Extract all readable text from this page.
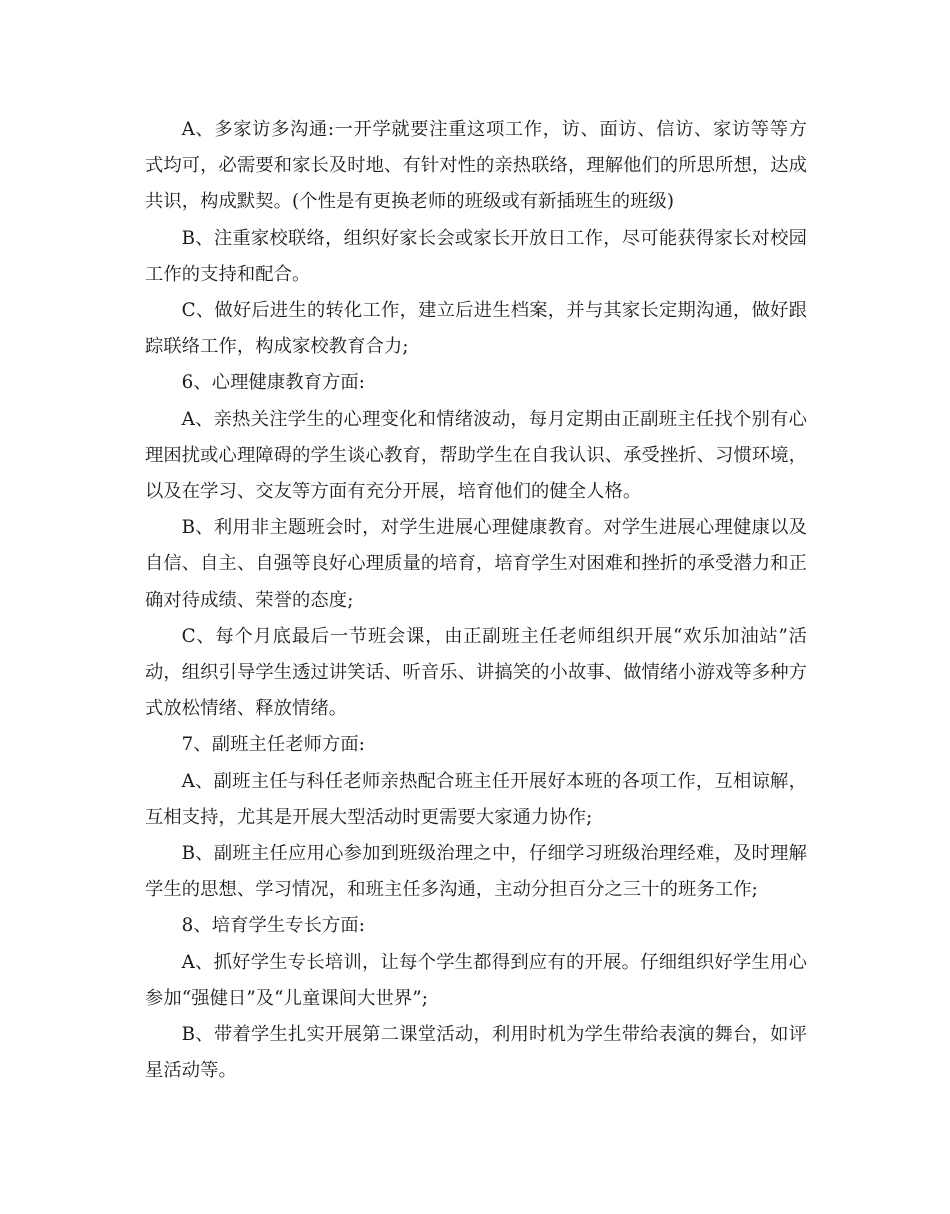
A、多家访多沟通:一开学就要注重这项工作，访、面访、信访、家访等等方式均可，必需要和家长及时地、有针对性的亲热联络，理解他们的所思所想，达成共识，构成默契。(个性是有更换老师的班级或有新插班生的班级)

B、注重家校联络，组织好家长会或家长开放日工作，尽可能获得家长对校园工作的支持和配合。

C、做好后进生的转化工作，建立后进生档案，并与其家长定期沟通，做好跟踪联络工作，构成家校教育合力;

6、心理健康教育方面:

A、亲热关注学生的心理变化和情绪波动，每月定期由正副班主任找个别有心理困扰或心理障碍的学生谈心教育，帮助学生在自我认识、承受挫折、习惯环境，以及在学习、交友等方面有充分开展，培育他们的健全人格。

B、利用非主题班会时，对学生进展心理健康教育。对学生进展心理健康以及自信、自主、自强等良好心理质量的培育，培育学生对困难和挫折的承受潜力和正确对待成绩、荣誉的态度;

C、每个月底最后一节班会课，由正副班主任老师组织开展“欢乐加油站”活动，组织引导学生透过讲笑话、听音乐、讲搞笑的小故事、做情绪小游戏等多种方式放松情绪、释放情绪。

7、副班主任老师方面:

A、副班主任与科任老师亲热配合班主任开展好本班的各项工作，互相谅解，互相支持，尤其是开展大型活动时更需要大家通力协作;

B、副班主任应用心参加到班级治理之中，仔细学习班级治理经难，及时理解学生的思想、学习情况，和班主任多沟通，主动分担百分之三十的班务工作;

8、培育学生专长方面:

A、抓好学生专长培训，让每个学生都得到应有的开展。仔细组织好学生用心参加“强健日”及“儿童课间大世界”;

B、带着学生扎实开展第二课堂活动，利用时机为学生带给表演的舞台，如评星活动等。
